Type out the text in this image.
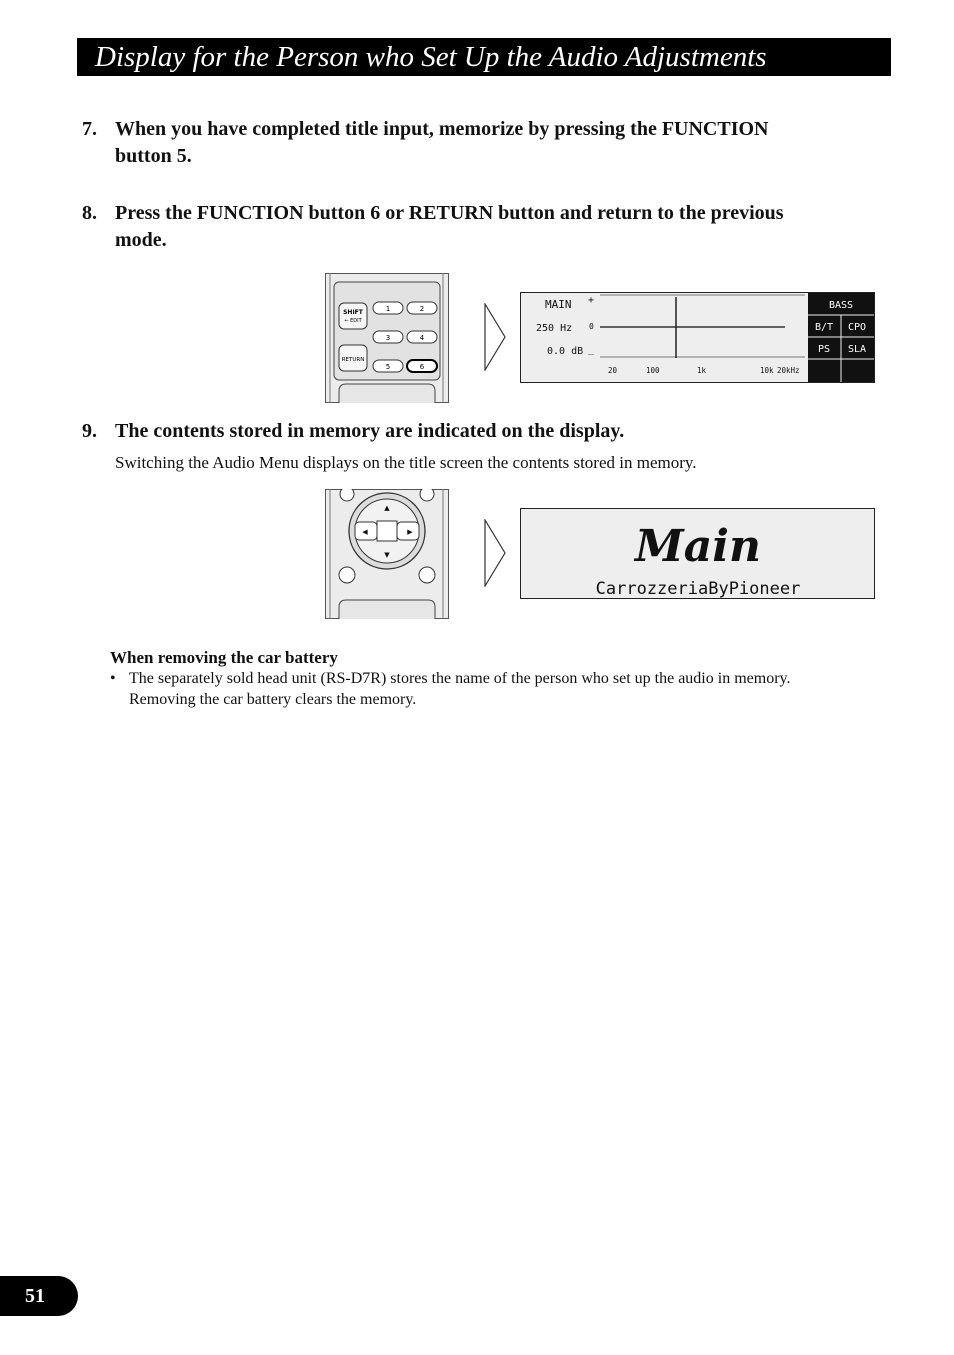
Display for the Person who Set Up the Audio Adjustments
7. When you have completed title input, memorize by pressing the FUNCTION button 5.
8. Press the FUNCTION button 6 or RETURN button and return to the previous mode.
SHIFT
← EDIT
RETURN
1	2
3	4
5	6
MAIN
250 Hz
0.0 dB
+
0
_
20	100	1k	10k 20kHz
BASS
B/T CPO
PS SLA
9. The contents stored in memory are indicated on the display.
Switching the Audio Menu displays on the title screen the contents stored in memory.
▲
▼
◀	▶	Main
CarrozzeriaByPioneer
When removing the car battery
• The separately sold head unit (RS-D7R) stores the name of the person who set up the audio in memory. Removing the car battery clears the memory.
51
